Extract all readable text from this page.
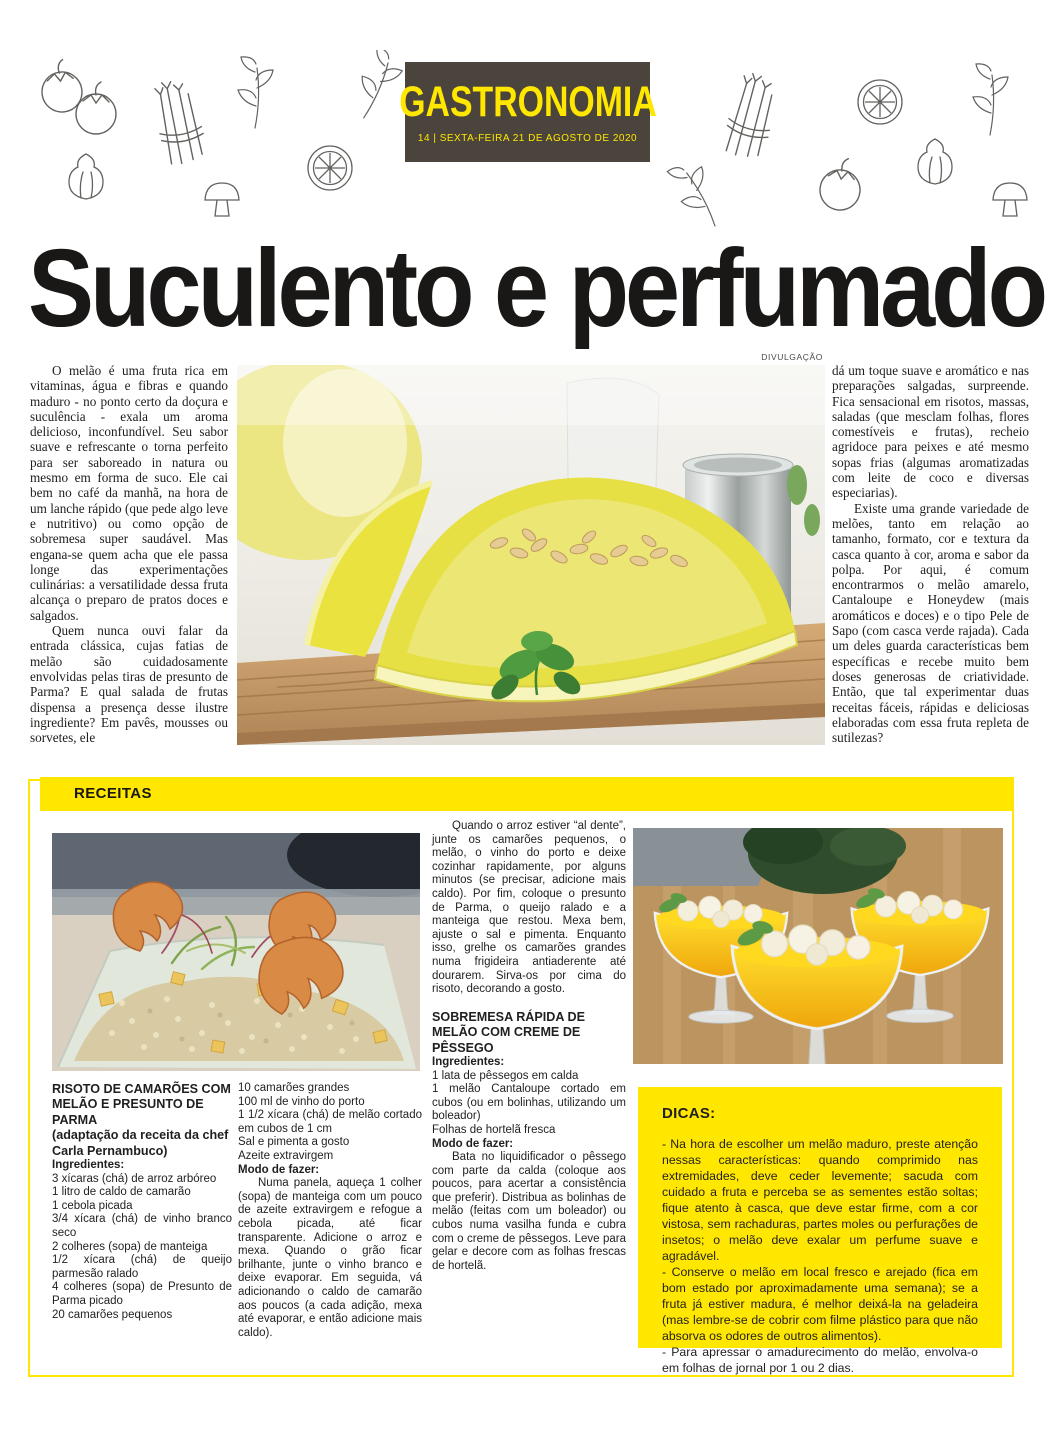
GASTRONOMIA
14 | SEXTA-FEIRA 21 DE AGOSTO DE 2020
Suculento e perfumado
DIVULGAÇÃO

O melão é uma fruta rica em vitaminas, água e fibras e quando maduro - no ponto certo da doçura e suculência - exala um aroma delicioso, inconfundível. Seu sabor suave e refrescante o torna perfeito para ser saboreado in natura ou mesmo em forma de suco. Ele cai bem no café da manhã, na hora de um lanche rápido (que pede algo leve e nutritivo) ou como opção de sobremesa super saudável. Mas engana-se quem acha que ele passa longe das experimentações culinárias: a versatilidade dessa fruta alcança o preparo de pratos doces e salgados.

Quem nunca ouvi falar da entrada clássica, cujas fatias de melão são cuidadosamente envolvidas pelas tiras de presunto de Parma? E qual salada de frutas dispensa a presença desse ilustre ingrediente? Em pavês, mousses ou sorvetes, ele

dá um toque suave e aromático e nas preparações salgadas, surpreende. Fica sensacional em risotos, massas, saladas (que mesclam folhas, flores comestíveis e frutas), recheio agridoce para peixes e até mesmo sopas frias (algumas aromatizadas com leite de coco e diversas especiarias).

Existe uma grande variedade de melões, tanto em relação ao tamanho, formato, cor e textura da casca quanto à cor, aroma e sabor da polpa. Por aqui, é comum encontrarmos o melão amarelo, Cantaloupe e Honeydew (mais aromáticos e doces) e o tipo Pele de Sapo (com casca verde rajada). Cada um deles guarda características bem específicas e recebe muito bem doses generosas de criatividade. Então, que tal experimentar duas receitas fáceis, rápidas e deliciosas elaboradas com essa fruta repleta de sutilezas?

RECEITAS

RISOTO DE CAMARÕES COM MELÃO E PRESUNTO DE PARMA

(adaptação da receita da chef Carla Pernambuco)

Ingredientes:

3 xícaras (chá) de arroz arbóreo

1 litro de caldo de camarão

1 cebola picada

3/4 xícara (chá) de vinho branco seco

2 colheres (sopa) de manteiga

1/2 xícara (chá) de queijo parmesão ralado

4 colheres (sopa) de Presunto de Parma picado

20 camarões pequenos

10 camarões grandes

100 ml de vinho do porto

1 1/2 xícara (chá) de melão cortado em cubos de 1 cm

Sal e pimenta a gosto

Azeite extravirgem

Modo de fazer:

Numa panela, aqueça 1 colher (sopa) de manteiga com um pouco de azeite extravirgem e refogue a cebola picada, até ficar transparente. Adicione o arroz e mexa. Quando o grão ficar brilhante, junte o vinho branco e deixe evaporar. Em seguida, vá adicionando o caldo de camarão aos poucos (a cada adição, mexa até evaporar, e então adicione mais caldo).

Quando o arroz estiver “al dente”, junte os camarões pequenos, o melão, o vinho do porto e deixe cozinhar rapidamente, por alguns minutos (se precisar, adicione mais caldo). Por fim, coloque o presunto de Parma, o queijo ralado e a manteiga que restou. Mexa bem, ajuste o sal e pimenta. Enquanto isso, grelhe os camarões grandes numa frigideira antiaderente até dourarem. Sirva-os por cima do risoto, decorando a gosto.

SOBREMESA RÁPIDA DE MELÃO COM CREME DE PÊSSEGO

Ingredientes:

1 lata de pêssegos em calda

1 melão Cantaloupe cortado em cubos (ou em bolinhas, utilizando um boleador)

Folhas de hortelã fresca

Modo de fazer:

Bata no liquidificador o pêssego com parte da calda (coloque aos poucos, para acertar a consistência que preferir). Distribua as bolinhas de melão (feitas com um boleador) ou cubos numa vasilha funda e cubra com o creme de pêssegos. Leve para gelar e decore com as folhas frescas de hortelã.

DICAS:

- Na hora de escolher um melão maduro, preste atenção nessas características: quando comprimido nas extremidades, deve ceder levemente; sacuda com cuidado a fruta e perceba se as sementes estão soltas; fique atento à casca, que deve estar firme, com a cor vistosa, sem rachaduras, partes moles ou perfurações de insetos; o melão deve exalar um perfume suave e agradável.

- Conserve o melão em local fresco e arejado (fica em bom estado por aproximadamente uma semana); se a fruta já estiver madura, é melhor deixá-la na geladeira (mas lembre-se de cobrir com filme plástico para que não absorva os odores de outros alimentos).

- Para apressar o amadurecimento do melão, envolva-o em folhas de jornal por 1 ou 2 dias.
